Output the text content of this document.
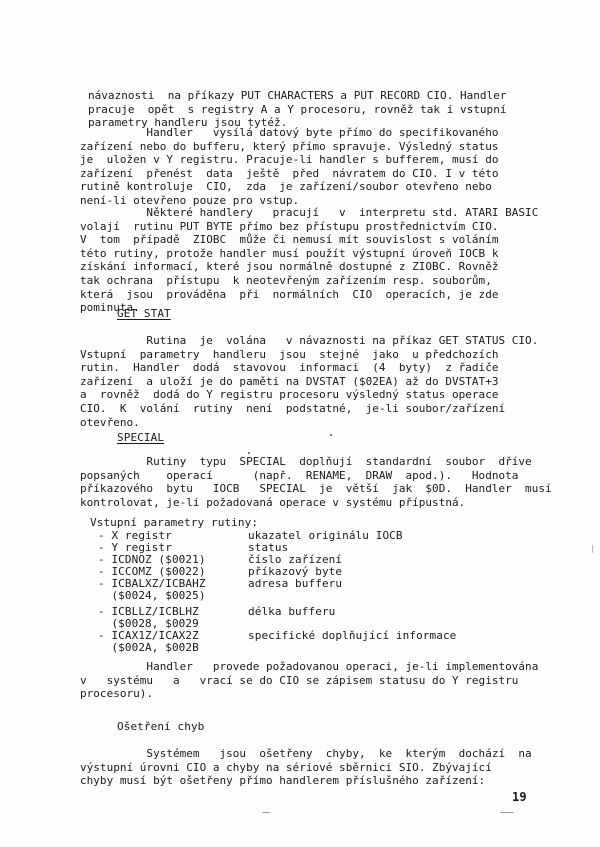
návaznosti  na příkazy PUT CHARACTERS a PUT RECORD CIO. Handler
pracuje  opět  s registry A a Y procesoru, rovněž tak i vstupní
parametry handleru jsou tytéž.
Handler   vysílá datový byte přímo do specifikovaného
zařízení nebo do bufferu, který přímo spravuje. Výsledný status
je  uložen v Y registru. Pracuje-li handler s bufferem, musí do
zařízení  přenést  data  ještě  před  návratem do CIO. I v této
rutině kontroluje  CIO,  zda  je zařízení/soubor otevřeno nebo
není-li otevřeno pouze pro vstup.
Některé handlery   pracují   v  interpretu std. ATARI BASIC
volají  rutinu PUT BYTE přímo bez přístupu prostřednictvím CIO.
V  tom  případě  ZIOBC  může či nemusí mít souvislost s voláním
této rutiny, protože handler musí použít výstupní úroveň IOCB k
získání informací, které jsou normálně dostupné z ZIOBC. Rovněž
tak ochrana  přístupu  k neotevřeným zařízením resp. souborům,
která  jsou  prováděna  při  normálních  CIO  operacích, je zde
pominuta.
GET STAT
Rutina  je  volána   v návaznosti na příkaz GET STATUS CIO.
Vstupní  parametry  handleru  jsou  stejné  jako  u předchozích
rutin.  Handler  dodá  stavovou  informaci  (4  byty)  z řadiče
zařízení  a uloží je do paměti na DVSTAT ($02EA) až do DVSTAT+3
a  rovněž  dodá do Y registru procesoru výsledný status operace
CIO.  K  volání  rutiny  není  podstatné,  je-li soubor/zařízení
otevřeno.
SPECIAL
Rutiny  typu  SPECIAL  doplňují  standardní  soubor  dříve
popsaných    operací      (např.  RENAME,  DRAW  apod.).   Hodnota
příkazového  bytu   IOCB   SPECIAL  je  větší  jak  $0D.  Handler  musí
kontrolovat, je-li požadovaná operace v systému přípustná.
Vstupní parametry rutiny:
- X registr	ukazatel originálu IOCB
- Y registr	status
- ICDNOZ ($0021)	číslo zařízení
- ICCOMZ ($0022)	příkazový byte
- ICBALXZ/ICBAHZ	adresa bufferu
($0024, $0025)
- ICBLLZ/ICBLHZ	délka bufferu
($0028, $0029
- ICAX1Z/ICAX2Z	specifické doplňující informace
($002A, $002B
Handler   provede požadovanou operaci, je-li implementována
v   systému   a   vrací se do CIO se zápisem statusu do Y registru
procesoru).
Ošetření chyb
Systémem   jsou  ošetřeny  chyby,  ke  kterým  dochází  na
výstupní úrovni CIO a chyby na sériové sběrnici SIO. Zbývající
chyby musí být ošetřeny přímo handlerem příslušného zařízení:
19
